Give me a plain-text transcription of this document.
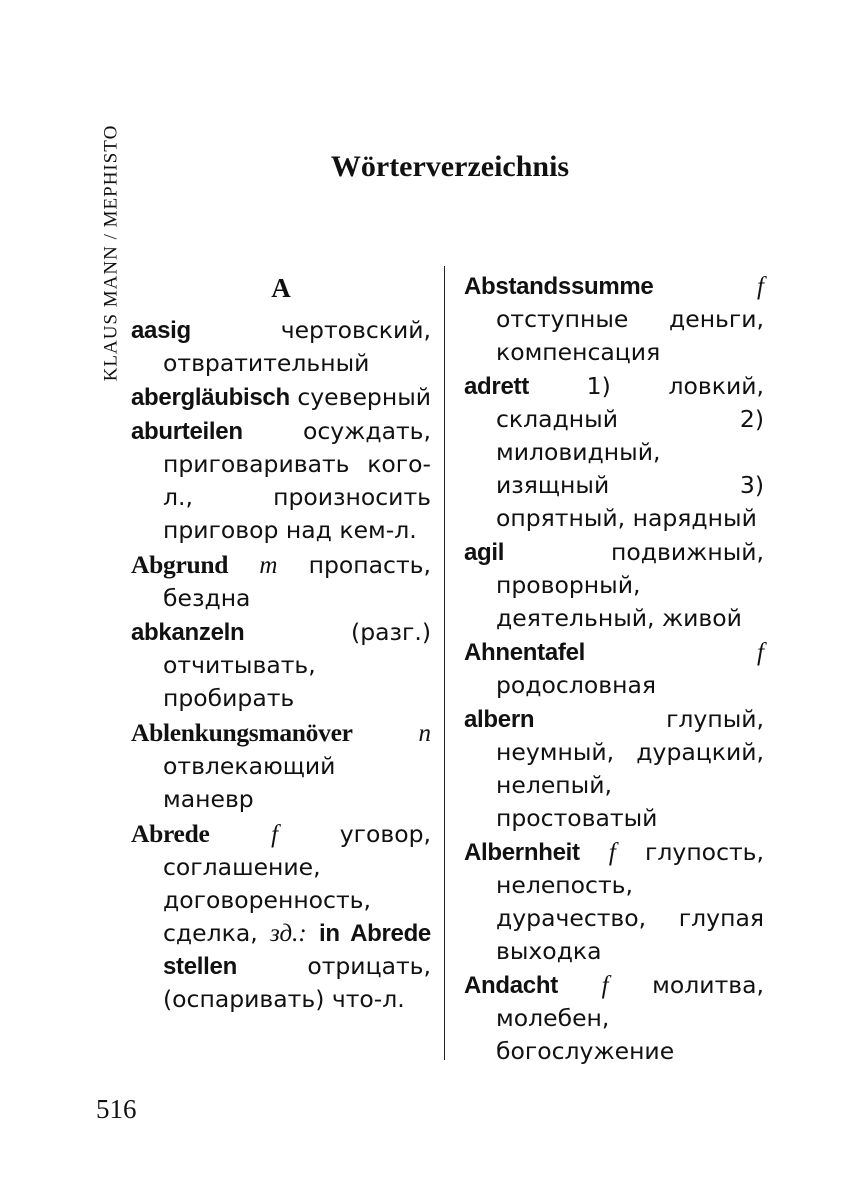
KLAUS MANN / MEPHISTO	Wörterverzeichnis
A
aasig	чертовский, отвратительный
abergläubisch суеверный
aburteilen	осуждать, приговаривать кого-л., произносить приговор над кем-л.
Abgrund m пропасть, бездна
abkanzeln	(разг.) отчитывать, пробирать
Ablenkungsmanöver	n отвлекающий маневр
Abrede f	уговор, соглашение, договоренность, сделка, зд.: in Abrede stellen	отрицать, (оспаривать) что-л.
Abstandssumme	f отступные деньги, компенсация
adrett 1) ловкий, складный 2) миловидный, изящный 3) опрятный, нарядный
agil	подвижный, проворный, деятельный, живой
Ahnentafel	f родословная
albern	глупый, неумный, дурацкий, нелепый, простоватый
Albernheit f глупость, нелепость, дурачество, глупая выходка
Andacht f молитва, молебен, богослужение
516
